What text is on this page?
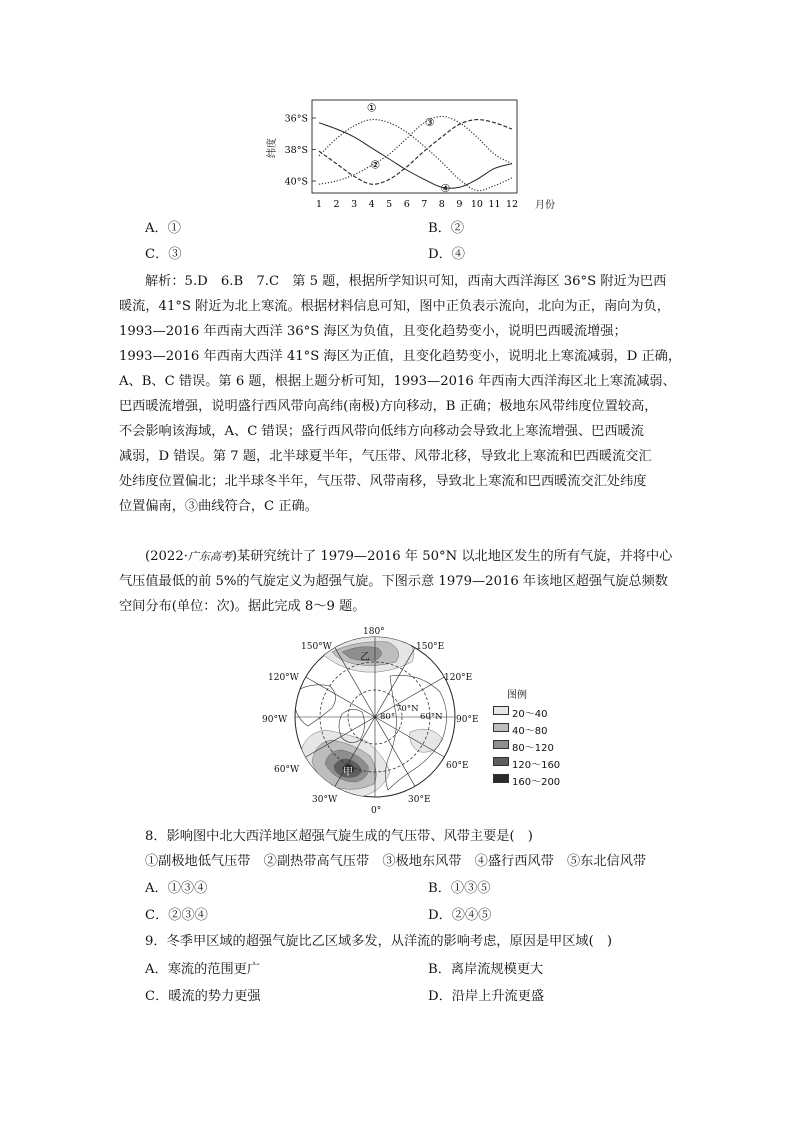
纬度
36°S
38°S
40°S
1 2 3 4 5 6 7 8 9 10 11 12
①
②
③
④
月份
A．①	B．②
C．③	D．④
解析：5.D　6.B　7.C　第 5 题，根据所学知识可知，西南大西洋海区 36°S 附近为巴西
暖流，41°S 附近为北上寒流。根据材料信息可知，图中正负表示流向，北向为正，南向为负，
1993—2016 年西南大西洋 36°S 海区为负值，且变化趋势变小，说明巴西暖流增强；
1993—2016 年西南大西洋 41°S 海区为正值，且变化趋势变小，说明北上寒流减弱，D 正确，
A、B、C 错误。第 6 题，根据上题分析可知，1993—2016 年西南大西洋海区北上寒流减弱、
巴西暖流增强，说明盛行西风带向高纬(南极)方向移动，B 正确；极地东风带纬度位置较高，
不会影响该海域，A、C 错误；盛行西风带向低纬方向移动会导致北上寒流增强、巴西暖流
减弱，D 错误。第 7 题，北半球夏半年，气压带、风带北移，导致北上寒流和巴西暖流交汇
处纬度位置偏北；北半球冬半年，气压带、风带南移，导致北上寒流和巴西暖流交汇处纬度
位置偏南，③曲线符合，C 正确。
(2022·广东高考)某研究统计了 1979—2016 年 50°N 以北地区发生的所有气旋，并将中心
气压值最低的前 5%的气旋定义为超强气旋。下图示意 1979—2016 年该地区超强气旋总频数
空间分布(单位：次)。据此完成 8～9 题。
180°
150°W	150°E
120°W	120°E
90°W	90°E
60°W	60°E
30°W	30°E
0°
80°
70°N
60°N
甲
乙
图例
20～40
40～80
80～120
120～160
160～200
8．影响图中北大西洋地区超强气旋生成的气压带、风带主要是(　)
①副极地低气压带　②副热带高气压带　③极地东风带　④盛行西风带　⑤东北信风带
A．①③④	B．①③⑤
C．②③④	D．②④⑤
9．冬季甲区域的超强气旋比乙区域多发，从洋流的影响考虑，原因是甲区域(　)
A．寒流的范围更广	B．离岸流规模更大
C．暖流的势力更强	D．沿岸上升流更盛
